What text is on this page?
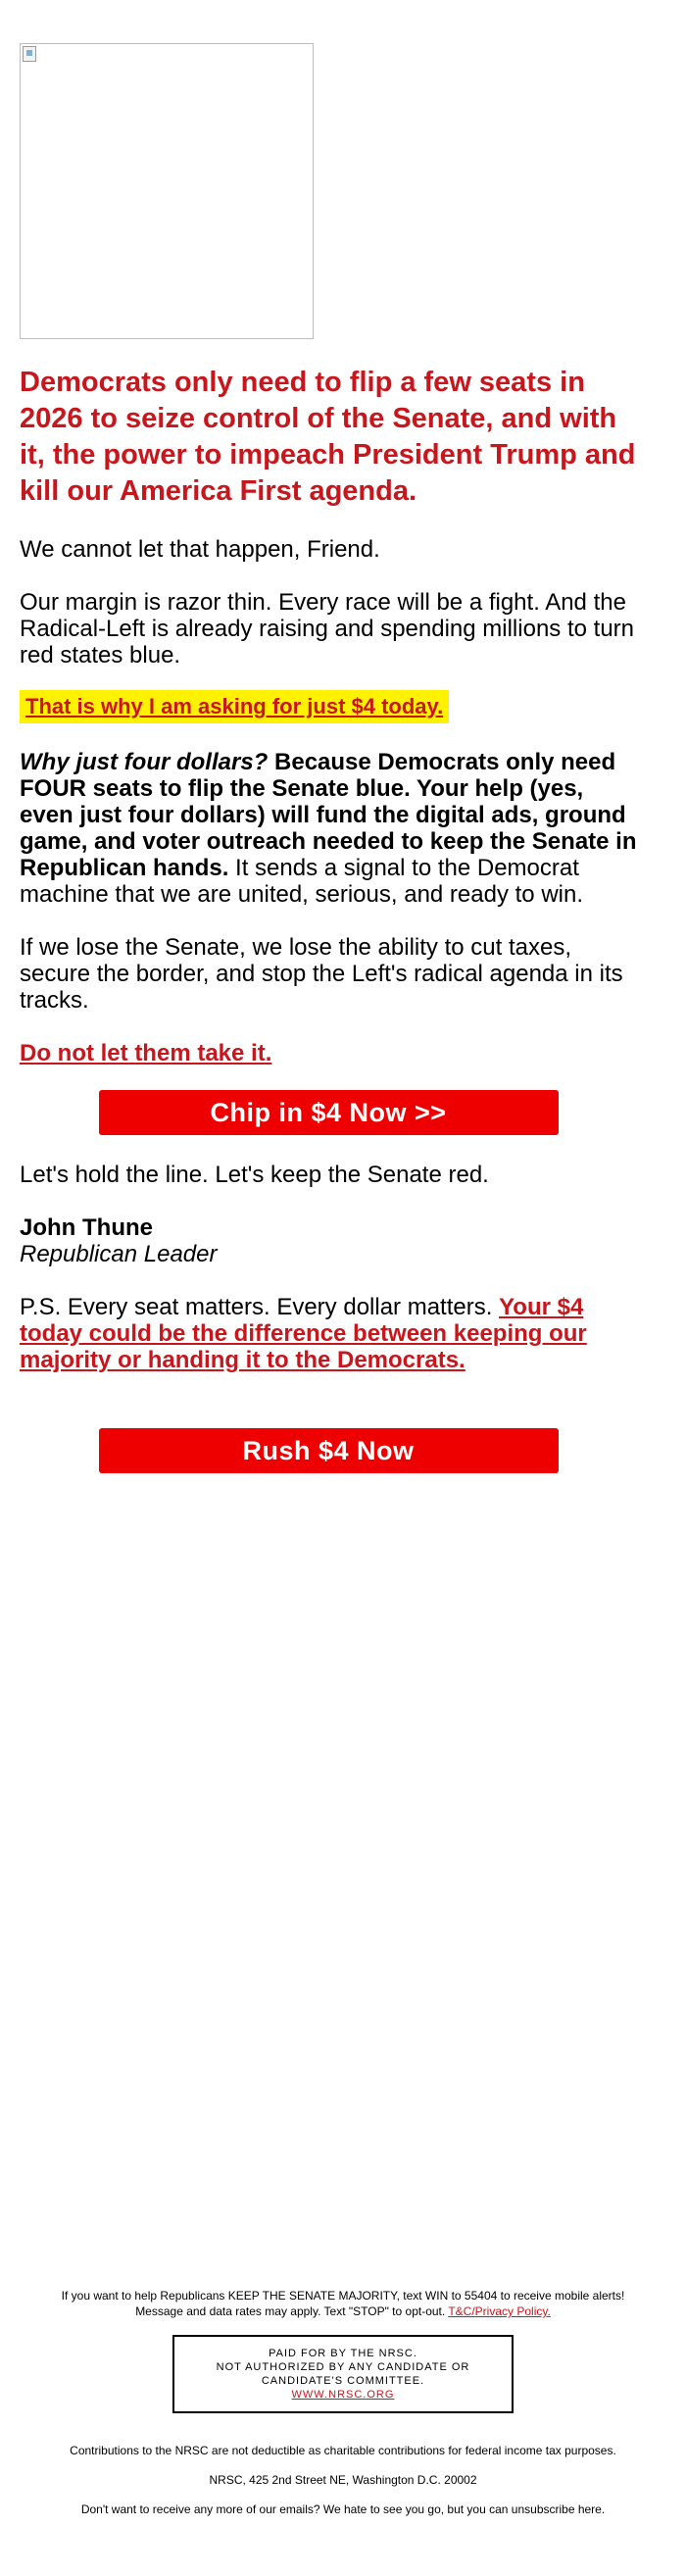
Democrats only need to flip a few seats in 2026 to seize control of the Senate, and with it, the power to impeach President Trump and kill our America First agenda.

We cannot let that happen, Friend.

Our margin is razor thin. Every race will be a fight. And the Radical-Left is already raising and spending millions to turn red states blue.

That is why I am asking for just $4 today.

Why just four dollars? Because Democrats only need FOUR seats to flip the Senate blue. Your help (yes, even just four dollars) will fund the digital ads, ground game, and voter outreach needed to keep the Senate in Republican hands. It sends a signal to the Democrat machine that we are united, serious, and ready to win.

If we lose the Senate, we lose the ability to cut taxes, secure the border, and stop the Left's radical agenda in its tracks.

Do not let them take it.

Chip in $4 Now >>

Let's hold the line. Let's keep the Senate red.

John Thune
Republican Leader

P.S. Every seat matters. Every dollar matters. Your $4 today could be the difference between keeping our majority or handing it to the Democrats.

Rush $4 Now
If you want to help Republicans KEEP THE SENATE MAJORITY, text WIN to 55404 to receive mobile alerts! Message and data rates may apply. Text "STOP" to opt-out. T&C/Privacy Policy.
PAID FOR BY THE NRSC.
NOT AUTHORIZED BY ANY CANDIDATE OR CANDIDATE'S COMMITTEE.
WWW.NRSC.ORG
Contributions to the NRSC are not deductible as charitable contributions for federal income tax purposes.
NRSC, 425 2nd Street NE, Washington D.C. 20002
Don't want to receive any more of our emails? We hate to see you go, but you can unsubscribe here.
